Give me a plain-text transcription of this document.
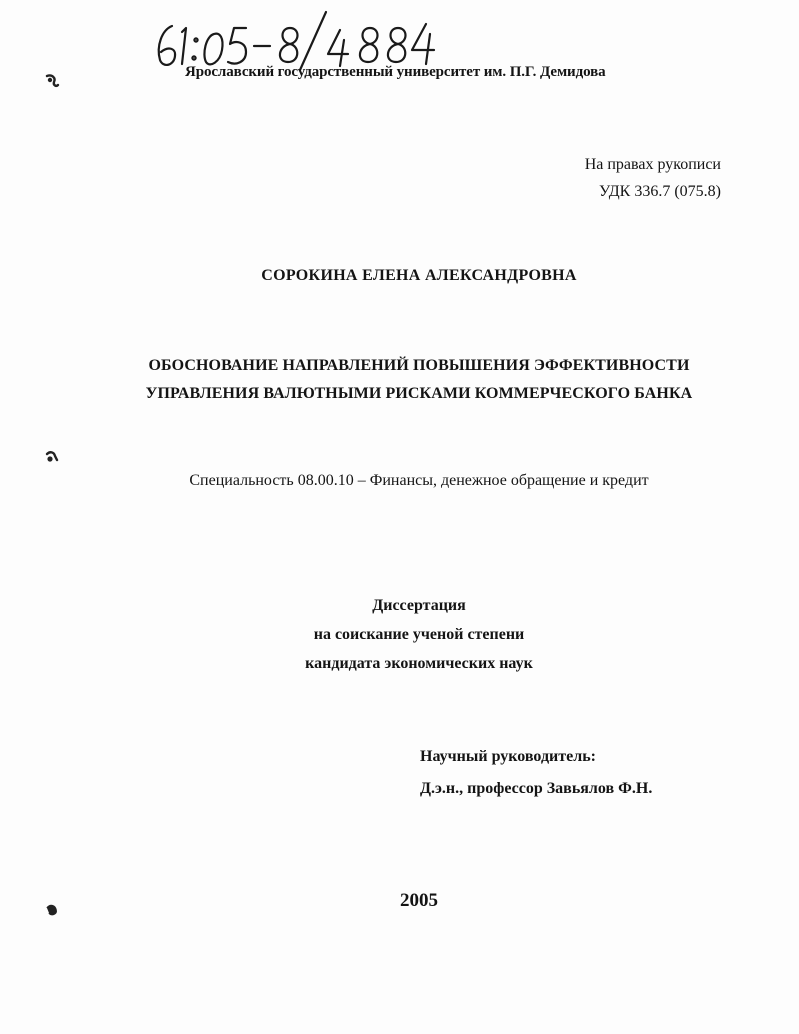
Ярославский государственный университет им. П.Г. Демидова
На правах рукописи
УДК 336.7 (075.8)
СОРОКИНА ЕЛЕНА АЛЕКСАНДРОВНА
ОБОСНОВАНИЕ НАПРАВЛЕНИЙ ПОВЫШЕНИЯ ЭФФЕКТИВНОСТИ
УПРАВЛЕНИЯ ВАЛЮТНЫМИ РИСКАМИ КОММЕРЧЕСКОГО БАНКА
Специальность 08.00.10 – Финансы, денежное обращение и кредит
Диссертация
на соискание ученой степени
кандидата экономических наук
Научный руководитель:
Д.э.н., профессор Завьялов Ф.Н.
2005
